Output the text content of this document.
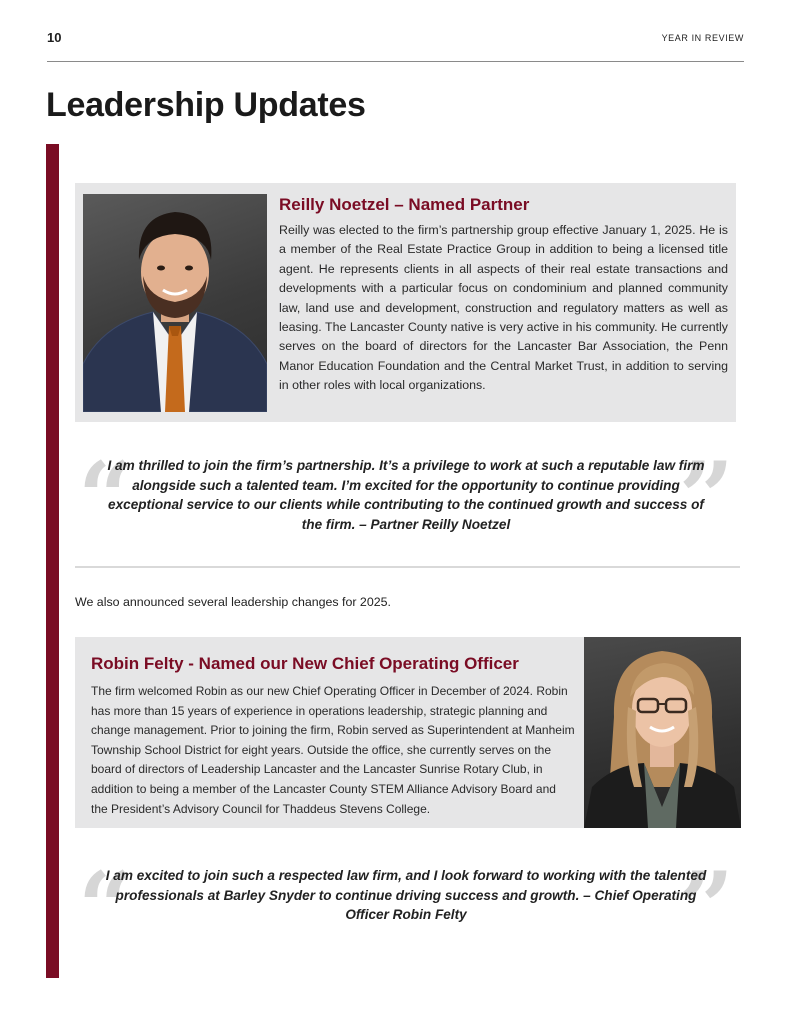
10	YEAR IN REVIEW
Leadership Updates
Reilly Noetzel – Named Partner

Reilly was elected to the firm’s partnership group effective January 1, 2025. He is a member of the Real Estate Practice Group in addition to being a licensed title agent. He represents clients in all aspects of their real estate transactions and developments with a particular focus on condominium and planned community law, land use and development, construction and regulatory matters as well as leasing. The Lancaster County native is very active in his community. He currently serves on the board of directors for the Lancaster Bar Association, the Penn Manor Education Foundation and the Central Market Trust, in addition to serving in other roles with local organizations.

“	”

I am thrilled to join the firm’s partnership. It’s a privilege to work at such a reputable law firm alongside such a talented team. I’m excited for the opportunity to continue providing exceptional service to our clients while contributing to the continued growth and success of the firm. – Partner Reilly Noetzel

We also announced several leadership changes for 2025.

Robin Felty - Named our New Chief Operating Officer

The firm welcomed Robin as our new Chief Operating Officer in December of 2024. Robin has more than 15 years of experience in operations leadership, strategic planning and change management. Prior to joining the firm, Robin served as Superintendent at Manheim Township School District for eight years. Outside the office, she currently serves on the board of directors of Leadership Lancaster and the Lancaster Sunrise Rotary Club, in addition to being a member of the Lancaster County STEM Alliance Advisory Board and the President’s Advisory Council for Thaddeus Stevens College.

“	”

I am excited to join such a respected law firm, and I look forward to working with the talented professionals at Barley Snyder to continue driving success and growth. – Chief Operating Officer Robin Felty
